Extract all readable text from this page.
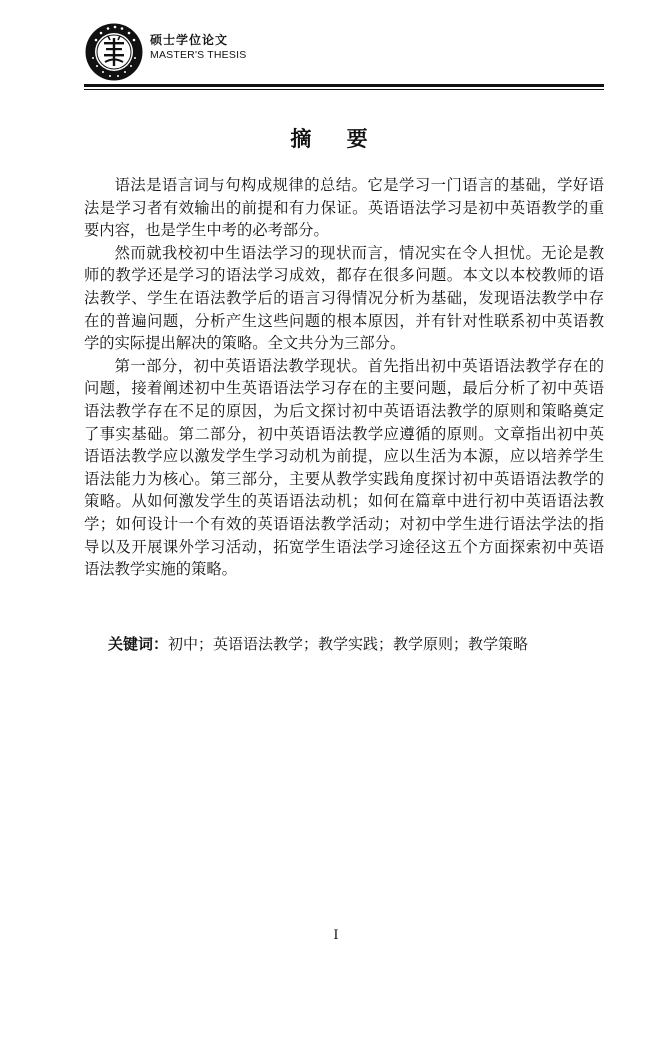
硕士学位论文
MASTER'S THESIS
摘 要

语法是语言词与句构成规律的总结。它是学习一门语言的基础，学好语法是学习者有效输出的前提和有力保证。英语语法学习是初中英语教学的重要内容，也是学生中考的必考部分。

然而就我校初中生语法学习的现状而言，情况实在令人担忧。无论是教师的教学还是学习的语法学习成效，都存在很多问题。本文以本校教师的语法教学、学生在语法教学后的语言习得情况分析为基础，发现语法教学中存在的普遍问题，分析产生这些问题的根本原因，并有针对性联系初中英语教学的实际提出解决的策略。全文共分为三部分。

第一部分，初中英语语法教学现状。首先指出初中英语语法教学存在的问题，接着阐述初中生英语语法学习存在的主要问题，最后分析了初中英语语法教学存在不足的原因，为后文探讨初中英语语法教学的原则和策略奠定了事实基础。第二部分，初中英语语法教学应遵循的原则。文章指出初中英语语法教学应以激发学生学习动机为前提，应以生活为本源，应以培养学生语法能力为核心。第三部分，主要从教学实践角度探讨初中英语语法教学的策略。从如何激发学生的英语语法动机；如何在篇章中进行初中英语语法教学；如何设计一个有效的英语语法教学活动；对初中学生进行语法学法的指导以及开展课外学习活动，拓宽学生语法学习途径这五个方面探索初中英语语法教学实施的策略。

关键词：初中；英语语法教学；教学实践；教学原则；教学策略
I
